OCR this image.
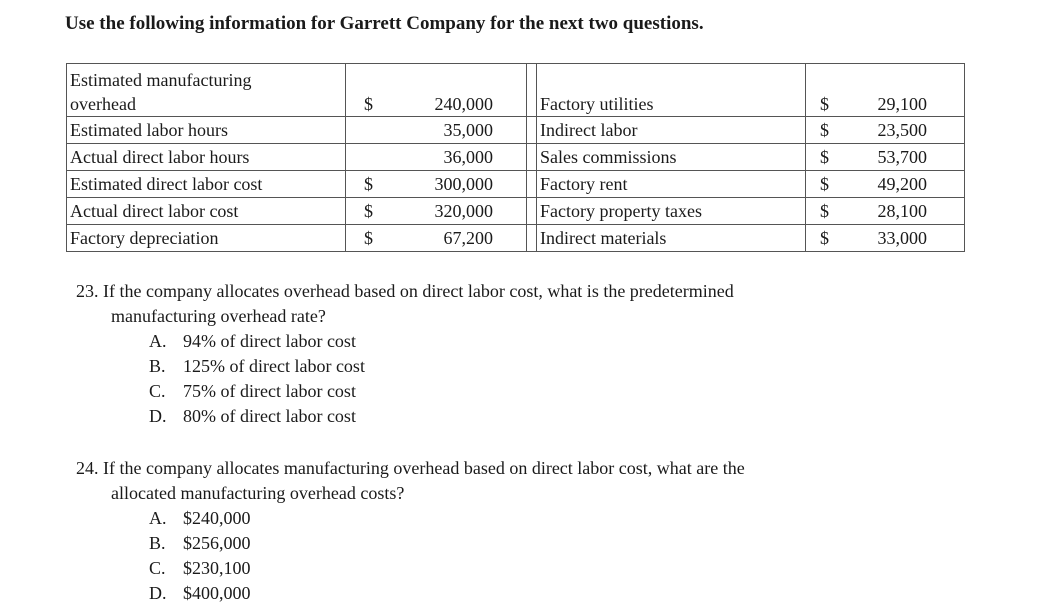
Use the following information for Garrett Company for the next two questions.
Estimated manufacturing
overhead	$ 240,000		Factory utilities	$ 29,100

Estimated labor hours	35,000		Indirect labor	$ 23,500

Actual direct labor hours	36,000		Sales commissions	$ 53,700

Estimated direct labor cost	$ 300,000		Factory rent	$ 49,200

Actual direct labor cost	$ 320,000		Factory property taxes	$ 28,100

Factory depreciation	$ 67,200		Indirect materials	$ 33,000
23. If the company allocates overhead based on direct labor cost, what is the predetermined
manufacturing overhead rate?
A. 94% of direct labor cost
B. 125% of direct labor cost
C. 75% of direct labor cost
D. 80% of direct labor cost
24. If the company allocates manufacturing overhead based on direct labor cost, what are the
allocated manufacturing overhead costs?
A. $240,000
B. $256,000
C. $230,100
D. $400,000
